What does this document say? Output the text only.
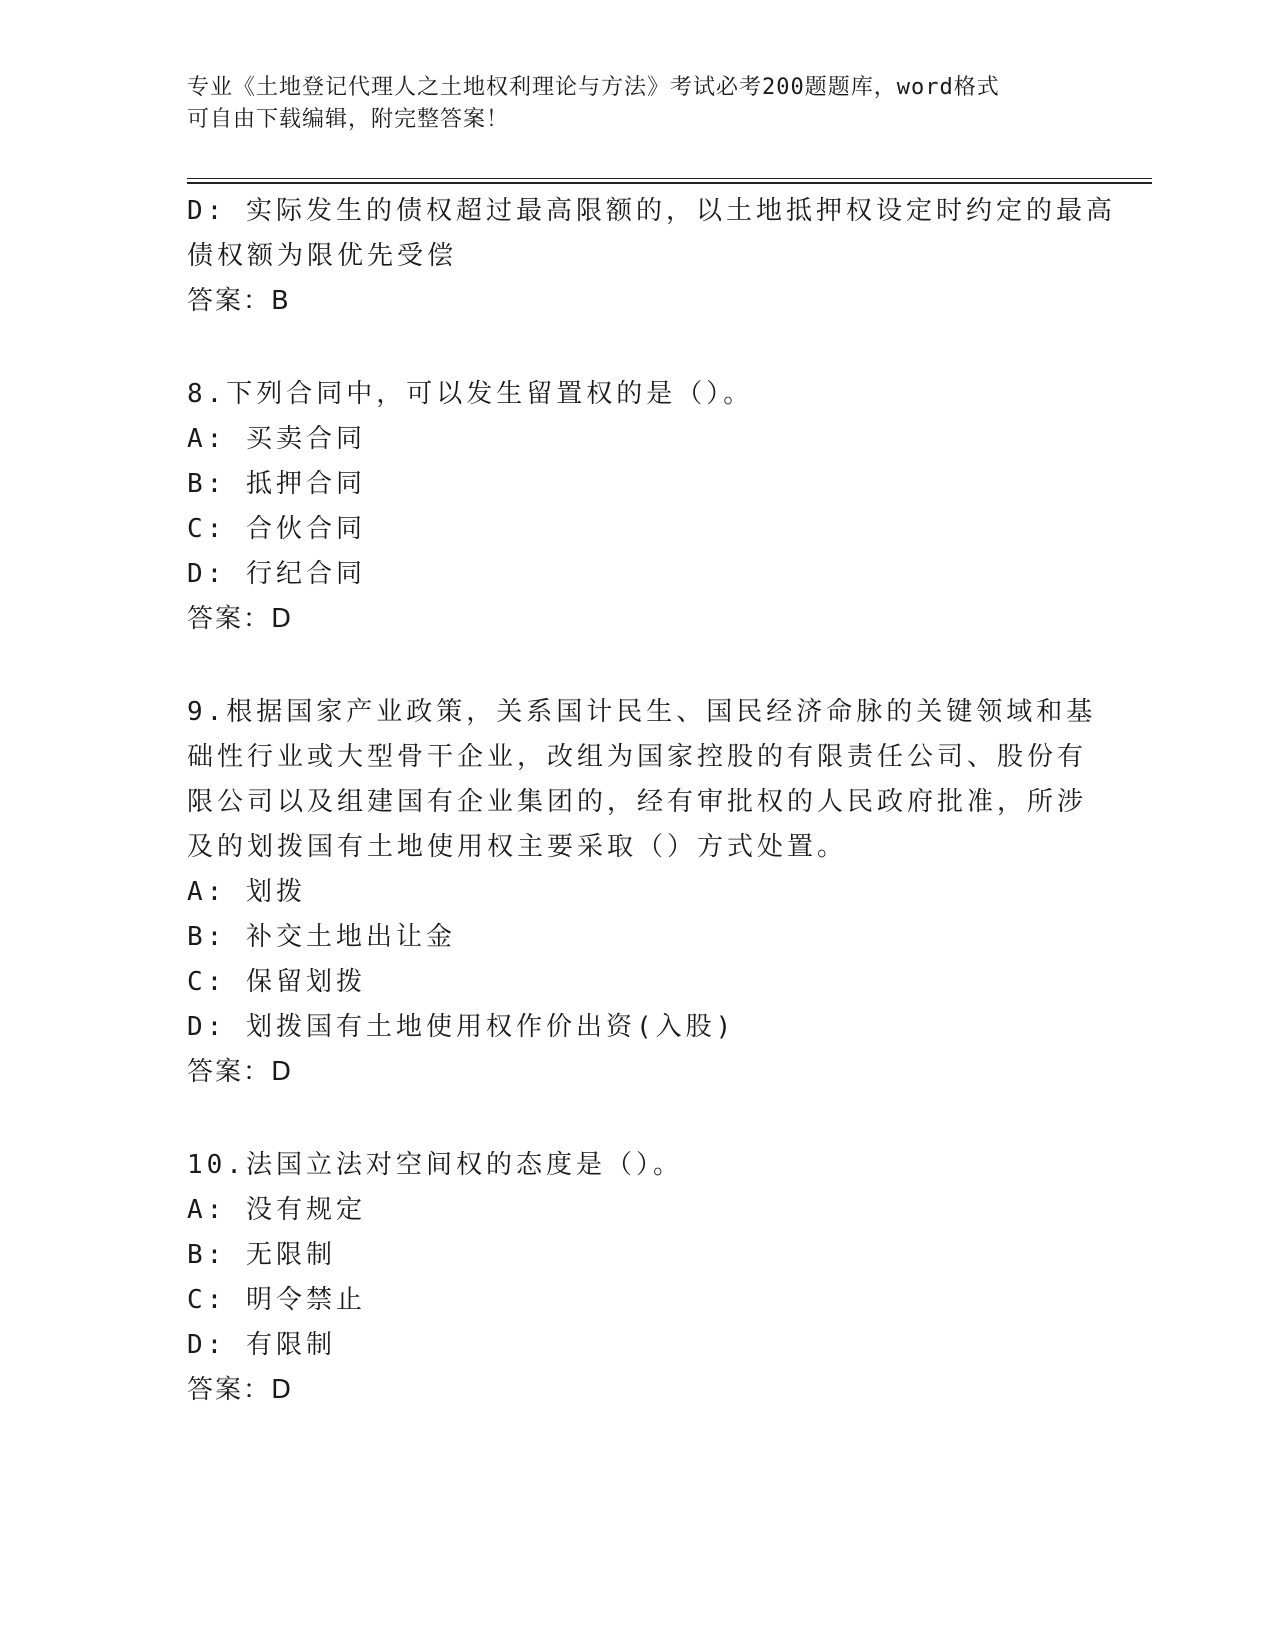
专业《土地登记代理人之土地权利理论与方法》考试必考200题题库，word格式
可自由下载编辑，附完整答案！
D: 实际发生的债权超过最高限额的，以土地抵押权设定时约定的最高
债权额为限优先受偿
答案：B
8.下列合同中，可以发生留置权的是（）。
A: 买卖合同
B: 抵押合同
C: 合伙合同
D: 行纪合同
答案：D
9.根据国家产业政策，关系国计民生、国民经济命脉的关键领域和基
础性行业或大型骨干企业，改组为国家控股的有限责任公司、股份有
限公司以及组建国有企业集团的，经有审批权的人民政府批准，所涉
及的划拨国有土地使用权主要采取（）方式处置。
A: 划拨
B: 补交土地出让金
C: 保留划拨
D: 划拨国有土地使用权作价出资(入股)
答案：D
10.法国立法对空间权的态度是（）。
A: 没有规定
B: 无限制
C: 明令禁止
D: 有限制
答案：D
